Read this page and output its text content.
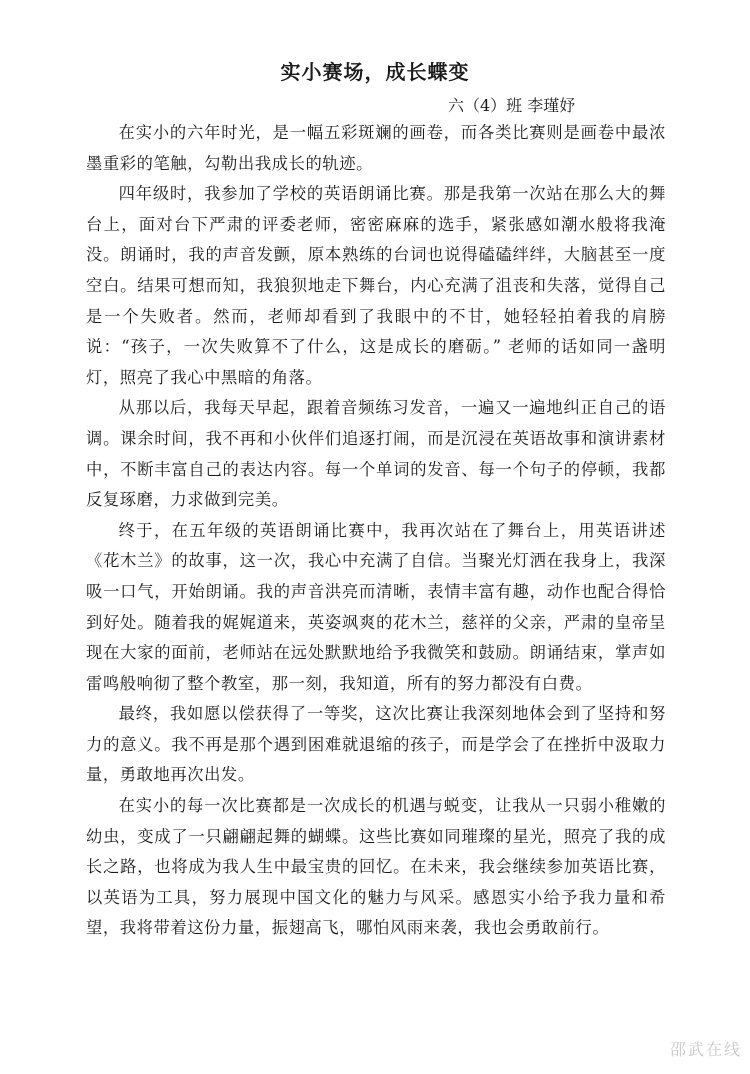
实小赛场，成长蝶变
六（4）班 李瑾妤

在实小的六年时光，是一幅五彩斑斓的画卷，而各类比赛则是画卷中最浓墨重彩的笔触，勾勒出我成长的轨迹。

四年级时，我参加了学校的英语朗诵比赛。那是我第一次站在那么大的舞台上，面对台下严肃的评委老师，密密麻麻的选手，紧张感如潮水般将我淹没。朗诵时，我的声音发颤，原本熟练的台词也说得磕磕绊绊，大脑甚至一度空白。结果可想而知，我狼狈地走下舞台，内心充满了沮丧和失落，觉得自己是一个失败者。然而，老师却看到了我眼中的不甘，她轻轻拍着我的肩膀说：“孩子，一次失败算不了什么，这是成长的磨砺。” 老师的话如同一盏明灯，照亮了我心中黑暗的角落。

从那以后，我每天早起，跟着音频练习发音，一遍又一遍地纠正自己的语调。课余时间，我不再和小伙伴们追逐打闹，而是沉浸在英语故事和演讲素材中，不断丰富自己的表达内容。每一个单词的发音、每一个句子的停顿，我都反复琢磨，力求做到完美。

终于，在五年级的英语朗诵比赛中，我再次站在了舞台上，用英语讲述《花木兰》的故事，这一次，我心中充满了自信。当聚光灯洒在我身上，我深吸一口气，开始朗诵。我的声音洪亮而清晰，表情丰富有趣，动作也配合得恰到好处。随着我的娓娓道来，英姿飒爽的花木兰，慈祥的父亲，严肃的皇帝呈现在大家的面前，老师站在远处默默地给予我微笑和鼓励。朗诵结束，掌声如雷鸣般响彻了整个教室，那一刻，我知道，所有的努力都没有白费。

最终，我如愿以偿获得了一等奖，这次比赛让我深刻地体会到了坚持和努力的意义。我不再是那个遇到困难就退缩的孩子，而是学会了在挫折中汲取力量，勇敢地再次出发。

在实小的每一次比赛都是一次成长的机遇与蜕变，让我从一只弱小稚嫩的幼虫，变成了一只翩翩起舞的蝴蝶。这些比赛如同璀璨的星光，照亮了我的成长之路，也将成为我人生中最宝贵的回忆。在未来，我会继续参加英语比赛，以英语为工具，努力展现中国文化的魅力与风采。感恩实小给予我力量和希望，我将带着这份力量，振翅高飞，哪怕风雨来袭，我也会勇敢前行。

邵武在线
